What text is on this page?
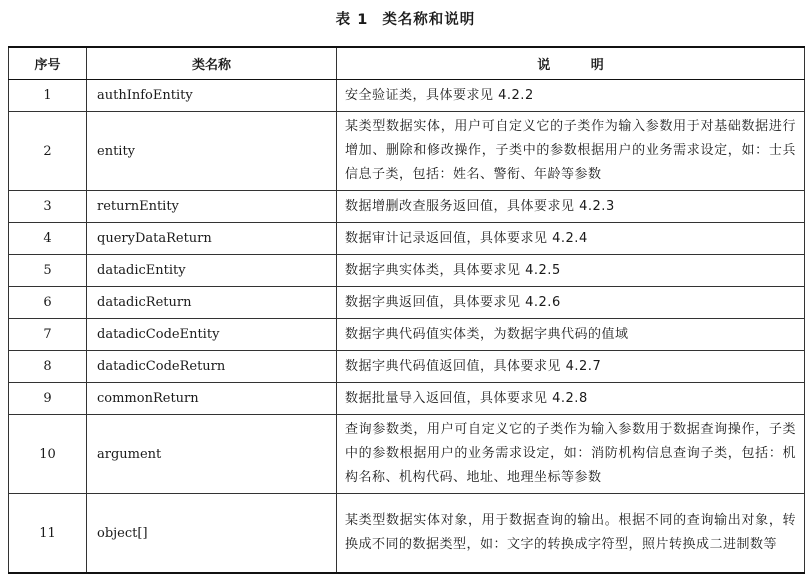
表 1 类名称和说明
序号	类名称	说 明
1	authInfoEntity	安全验证类，具体要求见 4.2.2
2	entity	某类型数据实体，用户可自定义它的子类作为输入参数用于对基础数据进行增加、删除和修改操作，子类中的参数根据用户的业务需求设定，如：士兵信息子类，包括：姓名、警衔、年龄等参数
3	returnEntity	数据增删改查服务返回值，具体要求见 4.2.3
4	queryDataReturn	数据审计记录返回值，具体要求见 4.2.4
5	datadicEntity	数据字典实体类，具体要求见 4.2.5
6	datadicReturn	数据字典返回值，具体要求见 4.2.6
7	datadicCodeEntity	数据字典代码值实体类，为数据字典代码的值域
8	datadicCodeReturn	数据字典代码值返回值，具体要求见 4.2.7
9	commonReturn	数据批量导入返回值，具体要求见 4.2.8
10	argument	查询参数类，用户可自定义它的子类作为输入参数用于数据查询操作，子类中的参数根据用户的业务需求设定，如：消防机构信息查询子类，包括：机构名称、机构代码、地址、地理坐标等参数
11	object[]	某类型数据实体对象，用于数据查询的输出。根据不同的查询输出对象，转换成不同的数据类型，如：文字的转换成字符型，照片转换成二进制数等
